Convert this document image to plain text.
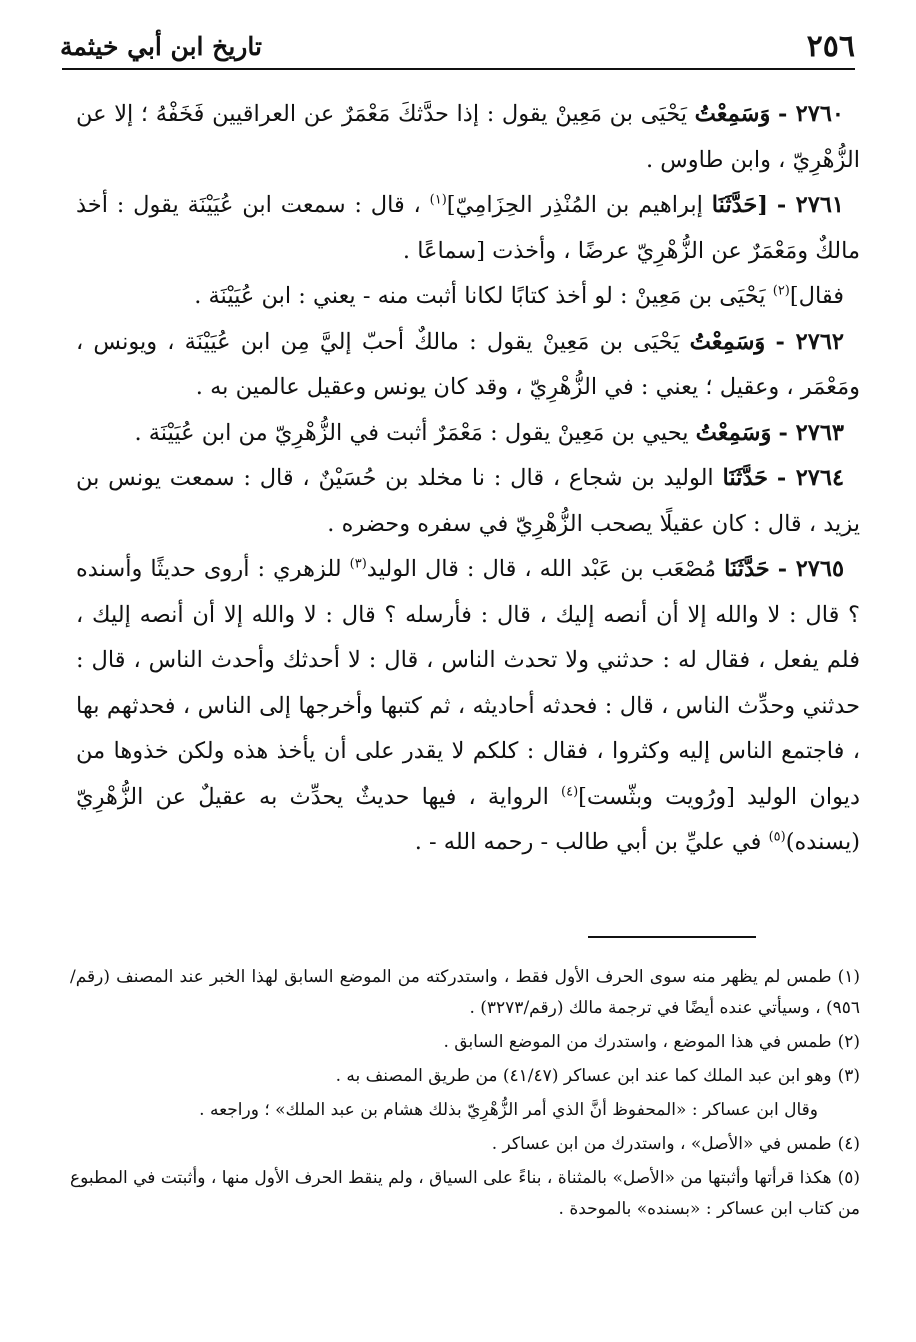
٢٥٦
تاريخ ابن أبي خيثمة

٢٧٦٠ - وَسَمِعْتُ يَحْيَى بن مَعِينْ يقول : إذا حدَّثكَ مَعْمَرٌ عن العراقيين فَخَفْهُ ؛ إلا عن الزُّهْرِيّ ، وابن طاوس .

٢٧٦١ - [حَدَّثَنَا إبراهيم بن المُنْذِر الحِزَامِيّ]$^{(١)}$ ، قال : سمعت ابن عُيَيْنَة يقول : أخذ مالكٌ ومَعْمَرٌ عن الزُّهْرِيّ عرضًا ، وأخذت [سماعًا .

فقال]$^{(٢)}$ يَحْيَى بن مَعِينْ : لو أخذ كتابًا لكانا أثبت منه - يعني : ابن عُيَيْنَة .

٢٧٦٢ - وَسَمِعْتُ يَحْيَى بن مَعِينْ يقول : مالكٌ أحبّ إليَّ مِن ابن عُيَيْنَة ، ويونس ، ومَعْمَر ، وعقيل ؛ يعني : في الزُّهْرِيّ ، وقد كان يونس وعقيل عالمين به .

٢٧٦٣ - وَسَمِعْتُ يحيي بن مَعِينْ يقول : مَعْمَرٌ أثبت في الزُّهْرِيّ من ابن عُيَيْنَة .

٢٧٦٤ - حَدَّثَنَا الوليد بن شجاع ، قال : نا مخلد بن حُسَيْنٌ ، قال : سمعت يونس بن يزيد ، قال : كان عقيلًا يصحب الزُّهْرِيّ في سفره وحضره .

٢٧٦٥ - حَدَّثَنَا مُصْعَب بن عَبْد الله ، قال : قال الوليد$^{(٣)}$ للزهري : أروى حديثًا وأسنده ؟ قال : لا والله إلا أن أنصه إليك ، قال : فأرسله ؟ قال : لا والله إلا أن أنصه إليك ، فلم يفعل ، فقال له : حدثني ولا تحدث الناس ، قال : لا أحدثك وأحدث الناس ، قال : حدثني وحدِّث الناس ، قال : فحدثه أحاديثه ، ثم كتبها وأخرجها إلى الناس ، فحدثهم بها ، فاجتمع الناس إليه وكثروا ، فقال : كلكم لا يقدر على أن يأخذ هذه ولكن خذوها من ديوان الوليد [ورُويت وبثّست]$^{(٤)}$ الرواية ، فيها حديثٌ يحدِّث به عقيلٌ عن الزُّهْرِيّ (يسنده)$^{(٥)}$ في عليِّ بن أبي طالب - رحمه الله - .

(١)طمس لم يظهر منه سوى الحرف الأول فقط ، واستدركته من الموضع السابق لهذا الخبر عند المصنف (رقم/٩٥٦) ، وسيأتي عنده أيضًا في ترجمة مالك (رقم/٣٢٧٣) .

(٢)طمس في هذا الموضع ، واستدرك من الموضع السابق .

(٣)وهو ابن عبد الملك كما عند ابن عساكر (٤١/٤٧) من طريق المصنف به .

وقال ابن عساكر : «المحفوظ أنَّ الذي أمر الزُّهْرِيّ بذلك هشام بن عبد الملك» ؛ وراجعه .

(٤)طمس في «الأصل» ، واستدرك من ابن عساكر .

(٥)هكذا قرأتها وأثبتها من «الأصل» بالمثناة ، بناءً على السياق ، ولم ينقط الحرف الأول منها ، وأثبتت في المطبوع من كتاب ابن عساكر : «بسنده» بالموحدة .
